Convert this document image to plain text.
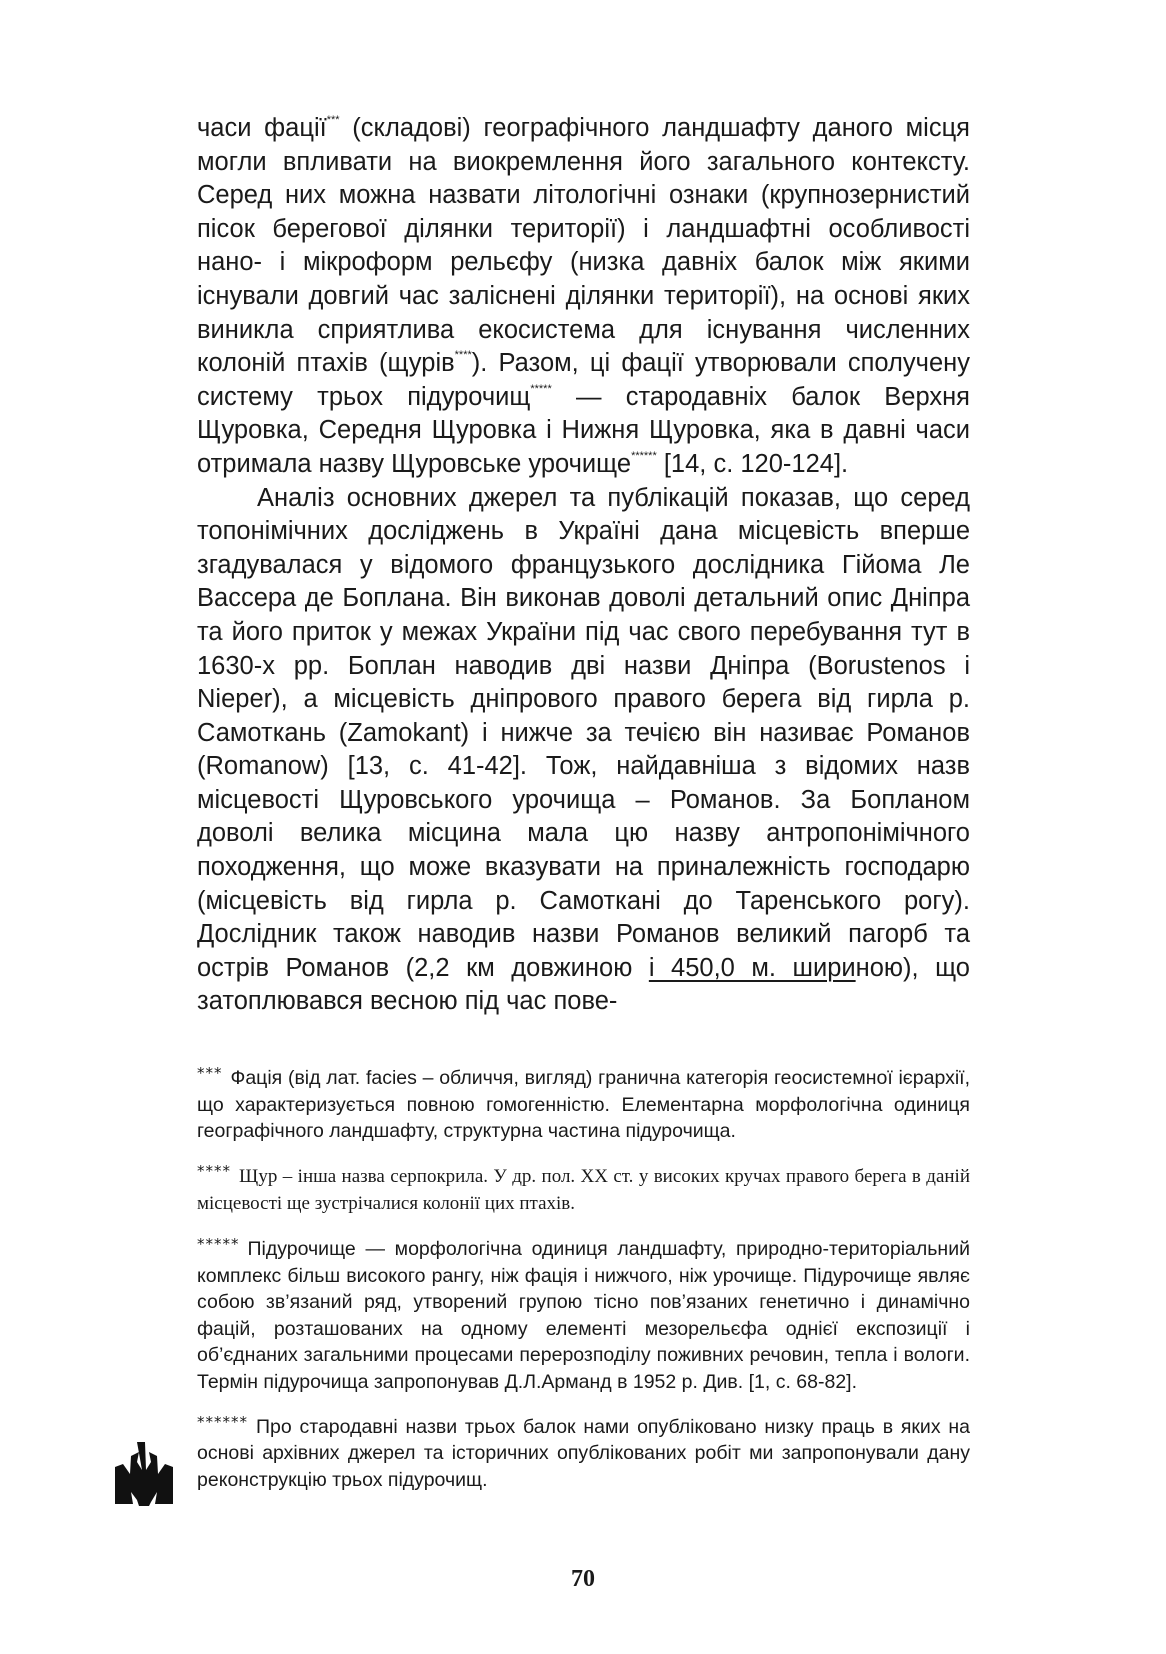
часи фації*** (складові) географічного ландшафту даного місця могли впливати на виокремлення його загального контексту. Серед них можна назвати літологічні ознаки (крупнозернистий пісок берегової ділянки території) і ландшафтні особливості нано- і мікроформ рельєфу (низка давніх балок між якими існували довгий час заліснені ділянки території), на основі яких виникла сприятлива екосистема для існування численних колоній птахів (щурів****). Разом, ці фації утворювали сполучену систему трьох підурочищ***** — стародавніх балок Верхня Щуровка, Середня Щуровка і Нижня Щуровка, яка в давні часи отримала назву Щуровське урочище****** [14, с. 120-124].

Аналіз основних джерел та публікацій показав, що серед топонімічних досліджень в Україні дана місцевість вперше згадувалася у відомого французького дослідника Гійома Ле Вассера де Боплана. Він виконав доволі детальний опис Дніпра та його приток у межах України під час свого перебування тут в 1630-х рр. Боплан наводив дві назви Дніпра (Borustenos і Nieper), а місцевість дніпрового правого берега від гирла р. Самоткань (Zamokant) і нижче за течією він називає Романов (Romanow) [13, с. 41-42]. Тож, найдавніша з відомих назв місцевості Щуровського урочища – Романов. За Бопланом доволі велика місцина мала цю назву антропонімічного походження, що може вказувати на приналежність господарю (місцевість від гирла р. Самоткані до Таренського рогу). Дослідник також наводив назви Романов великий пагорб та острів Романов (2,2 км довжиною і 450,0 м. шириною), що затоплювався весною під час пове-

*** Фація (від лат. facies – обличчя, вигляд) гранична категорія геосистемної ієрархії, що характеризується повною гомогенністю. Елементарна морфологічна одиниця географічного ландшафту, структурна частина підурочища.

**** Щур – інша назва серпокрила. У др. пол. ХХ ст. у високих кручах правого берега в даній місцевості ще зустрічалися колонії цих птахів.

***** Підурочище — морфологічна одиниця ландшафту, природно-територіальний комплекс більш високого рангу, ніж фація і нижчого, ніж урочище. Підурочище являє собою зв’язаний ряд, утворений групою тісно пов’язаних генетично і динамічно фацій, розташованих на одному елементі мезорельєфа однієї експозиції і об’єднаних загальними процесами перерозподілу поживних речовин, тепла і вологи. Термін підурочища запропонував Д.Л.Арманд в 1952 р. Див. [1, с. 68-82].

****** Про стародавні назви трьох балок нами опубліковано низку праць в яких на основі архівних джерел та історичних опублікованих робіт ми запропонували дану реконструкцію трьох підурочищ.

70
